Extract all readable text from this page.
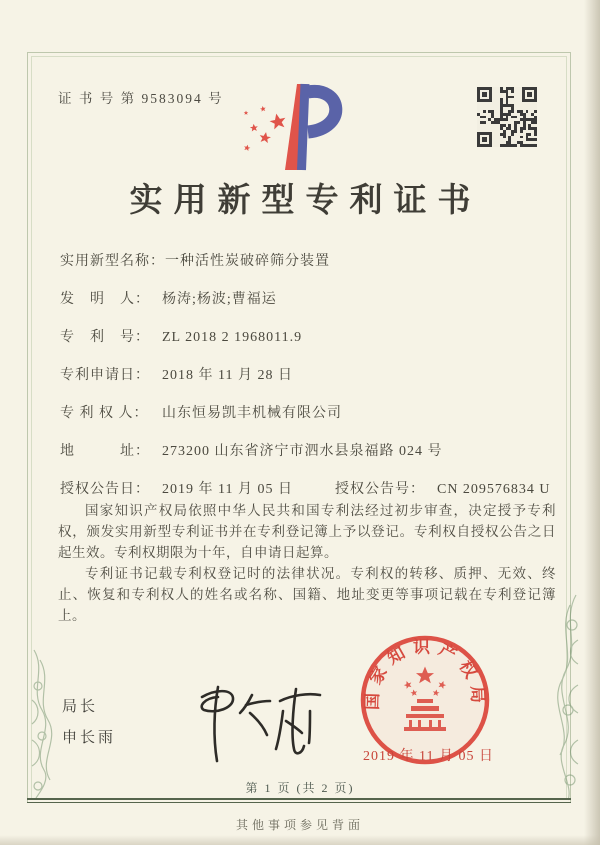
证 书 号 第 9583094 号
实用新型专利证书
实用新型名称： 一种活性炭破碎筛分装置
发　明　人： 杨涛;杨波;曹福运
专　利　号： ZL 2018 2 1968011.9
专利申请日： 2018 年 11 月 28 日
专 利 权 人： 山东恒易凯丰机械有限公司
地　　　址： 273200 山东省济宁市泗水县泉福路 024 号
授权公告日： 2019 年 11 月 05 日	授权公告号： CN 209576834 U

国家知识产权局依照中华人民共和国专利法经过初步审查，决定授予专利权，颁发实用新型专利证书并在专利登记簿上予以登记。专利权自授权公告之日起生效。专利权期限为十年，自申请日起算。

专利证书记载专利权登记时的法律状况。专利权的转移、质押、无效、终止、恢复和专利权人的姓名或名称、国籍、地址变更等事项记载在专利登记簿上。

局长
申长雨
国家知识产权局
2019 年 11 月 05 日
第 1 页 (共 2 页)
其他事项参见背面
